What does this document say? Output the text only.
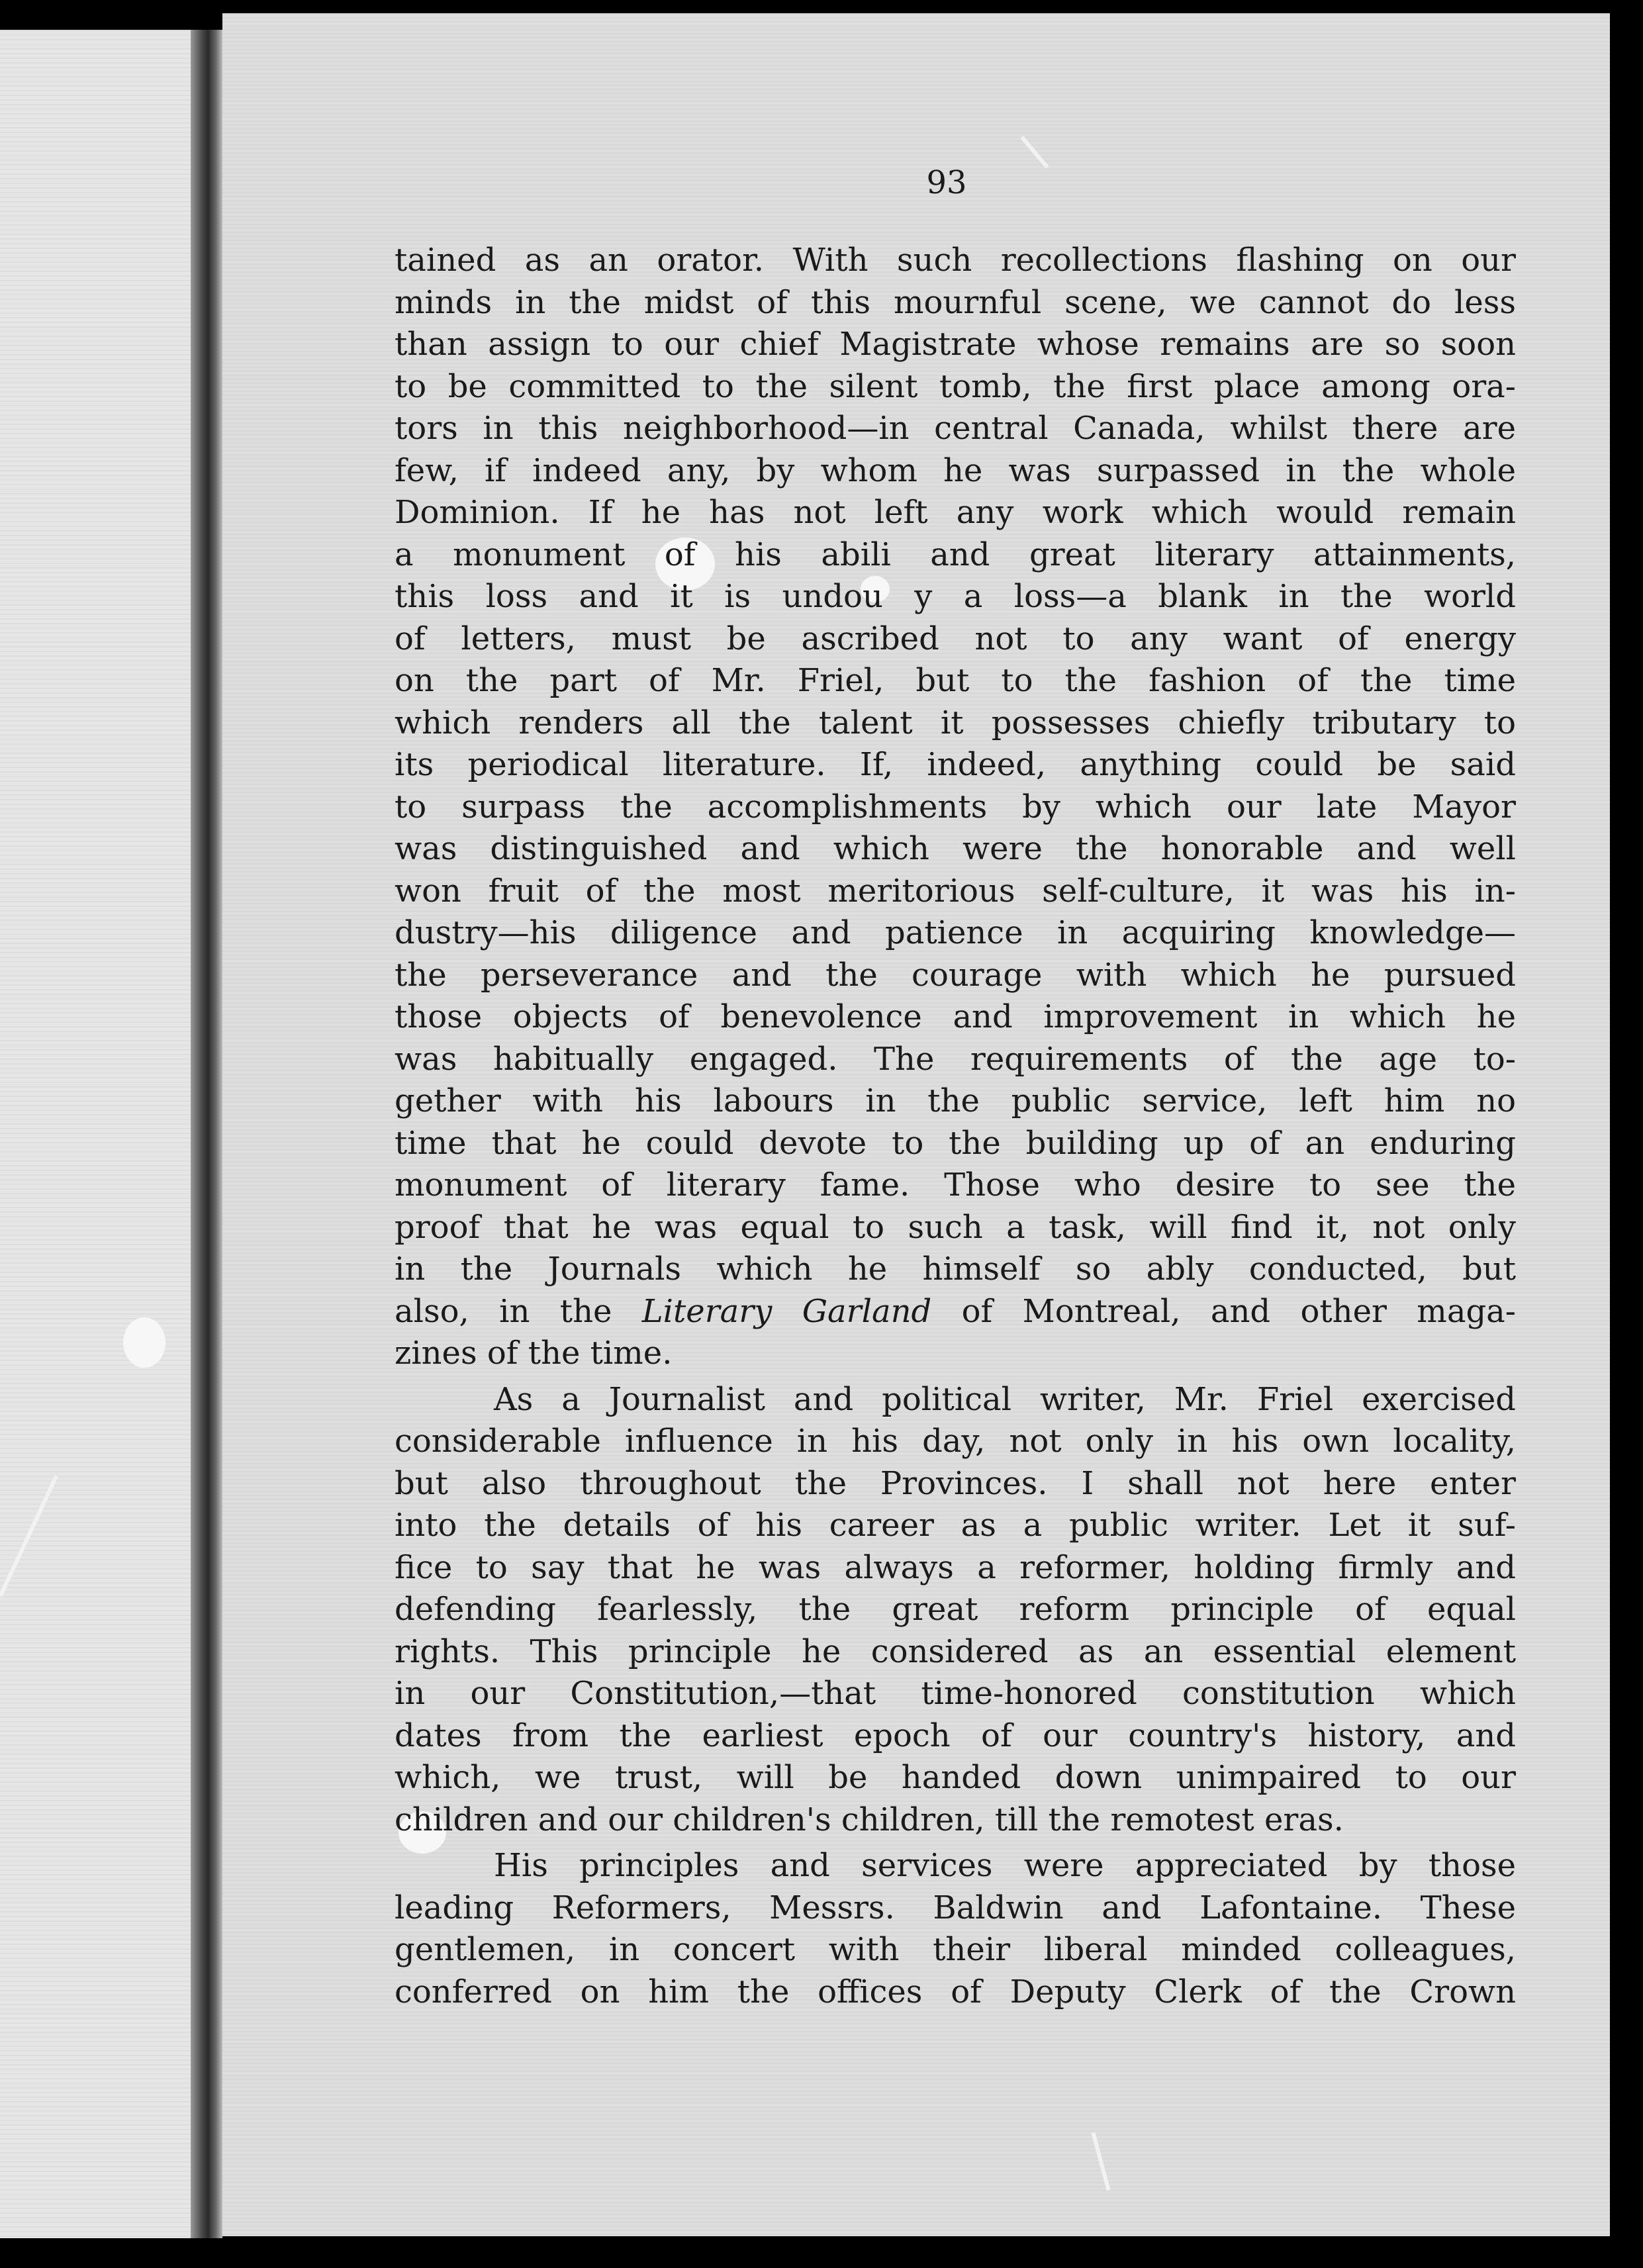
93
tained as an orator. With such recollections flashing on our
minds in the midst of this mournful scene, we cannot do less
than assign to our chief Magistrate whose remains are so soon
to be committed to the silent tomb, the first place among ora-
tors in this neighborhood—in central Canada, whilst there are
few, if indeed any, by whom he was surpassed in the whole
Dominion. If he has not left any work which would remain
a monument of his abili and great literary attainments,
this loss and it is undou y a loss—a blank in the world
of letters, must be ascribed not to any want of energy
on the part of Mr. Friel, but to the fashion of the time
which renders all the talent it possesses chiefly tributary to
its periodical literature. If, indeed, anything could be said
to surpass the accomplishments by which our late Mayor
was distinguished and which were the honorable and well
won fruit of the most meritorious self-culture, it was his in-
dustry—his diligence and patience in acquiring knowledge—
the perseverance and the courage with which he pursued
those objects of benevolence and improvement in which he
was habitually engaged. The requirements of the age to-
gether with his labours in the public service, left him no
time that he could devote to the building up of an enduring
monument of literary fame. Those who desire to see the
proof that he was equal to such a task, will find it, not only
in the Journals which he himself so ably conducted, but
also, in the Literary Garland of Montreal, and other maga-
zines of the time.
As a Journalist and political writer, Mr. Friel exercised
considerable influence in his day, not only in his own locality,
but also throughout the Provinces. I shall not here enter
into the details of his career as a public writer. Let it suf-
fice to say that he was always a reformer, holding firmly and
defending fearlessly, the great reform principle of equal
rights. This principle he considered as an essential element
in our Constitution,—that time-honored constitution which
dates from the earliest epoch of our country's history, and
which, we trust, will be handed down unimpaired to our
children and our children's children, till the remotest eras.
His principles and services were appreciated by those
leading Reformers, Messrs. Baldwin and Lafontaine. These
gentlemen, in concert with their liberal minded colleagues,
conferred on him the offices of Deputy Clerk of the Crown
